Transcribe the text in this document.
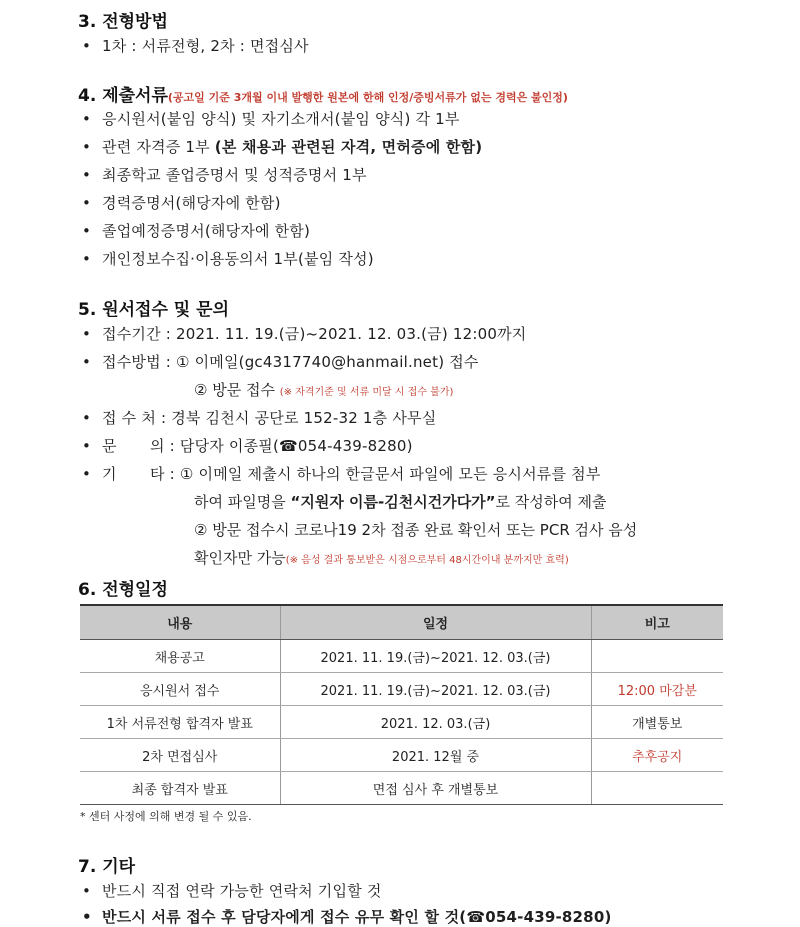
3. 전형방법
• 1차 : 서류전형, 2차 : 면접심사
4. 제출서류(공고일 기준 3개월 이내 발행한 원본에 한해 인정/증빙서류가 없는 경력은 불인정)
• 응시원서(붙임 양식) 및 자기소개서(붙임 양식) 각 1부
• 관련 자격증 1부 (본 채용과 관련된 자격, 면허증에 한함)
• 최종학교 졸업증명서 및 성적증명서 1부
• 경력증명서(해당자에 한함)
• 졸업예정증명서(해당자에 한함)
• 개인정보수집·이용동의서 1부(붙임 작성)
5. 원서접수 및 문의
• 접수기간 : 2021. 11. 19.(금)~2021. 12. 03.(금) 12:00까지
• 접수방법 : ① 이메일(gc4317740@hanmail.net) 접수
② 방문 접수 (※ 자격기준 및 서류 미달 시 접수 불가)
• 접 수 처 : 경북 김천시 공단로 152-32 1층 사무실
• 문 의 : 담당자 이종필(☎054-439-8280)
• 기 타 : ① 이메일 제출시 하나의 한글문서 파일에 모든 응시서류를 첨부
하여 파일명을 “지원자 이름-김천시건가다가”로 작성하여 제출
② 방문 접수시 코로나19 2차 접종 완료 확인서 또는 PCR 검사 음성
확인자만 가능(※ 음성 결과 통보받은 시점으로부터 48시간이내 분까지만 효력)
6. 전형일정
내용	일정	비고
채용공고	2021. 11. 19.(금)~2021. 12. 03.(금)	
응시원서 접수	2021. 11. 19.(금)~2021. 12. 03.(금)	12:00 마감분
1차 서류전형 합격자 발표	2021. 12. 03.(금)	개별통보
2차 면접심사	2021. 12월 중	추후공지
최종 합격자 발표	면접 심사 후 개별통보	
* 센터 사정에 의해 변경 될 수 있음.
7. 기타
• 반드시 직접 연락 가능한 연락처 기입할 것
• 반드시 서류 접수 후 담당자에게 접수 유무 확인 할 것(☎054-439-8280)
